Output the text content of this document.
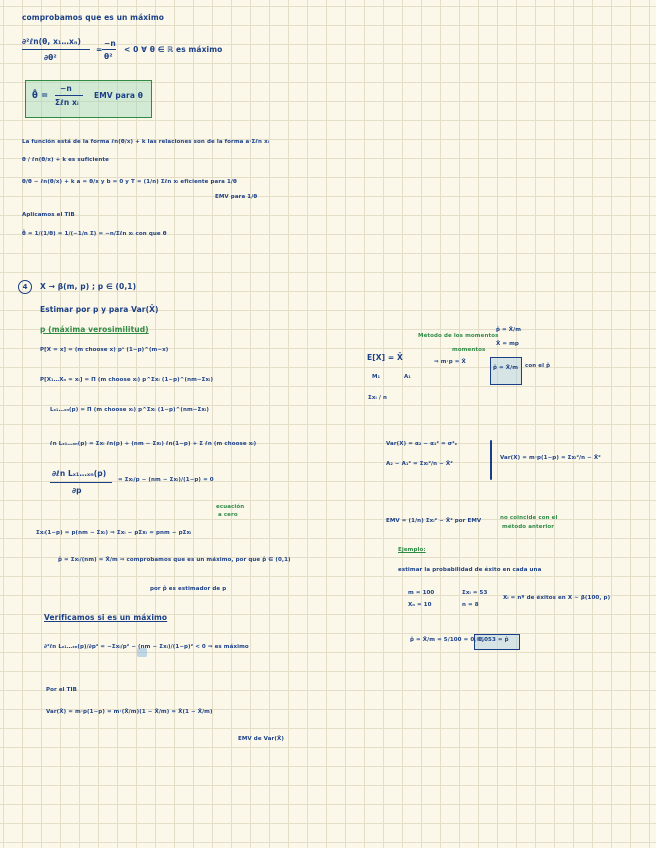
comprobamos que es un máximo
∂²ℓn(θ, x₁…xₙ)
∂θ²
=
−n
θ²
< 0 ∀ θ ∈ ℝ es máximo
θ̂ =
−n
Σℓn xᵢ
EMV para θ
La función está de la forma ℓn(θ/x) + k las relaciones son de la forma a·Σℓn xᵢ
θ / ℓn(θ/x) + k es suficiente
θ/θ − ℓn(θ/x) + k a = θ/x y b = 0 y T = (1/n) Σℓn xᵢ eficiente para 1/θ
EMV para 1/θ
Aplicamos el TIB
θ̂ = 1/(1/θ) = 1/(−1/n Σ) = −n/Σℓn xᵢ con que θ
4	X → β(m, p) ; p ∈ (0,1)
Estimar por p y para Var(X̄)
p (máxima verosimilitud)
P[X = x] = (m choose x) pˣ (1−p)^(m−x)
P[X₁…Xₙ = xᵢ] = Π (m choose xᵢ) p^Σxᵢ (1−p)^(nm−Σxᵢ)
Lₓ₁…ₓₙ(p) = Π (m choose xᵢ) p^Σxᵢ (1−p)^(nm−Σxᵢ)
ℓn Lₓ₁…ₓₙ(p) = Σxᵢ ℓn(p) + (nm − Σxᵢ) ℓn(1−p) + Σ ℓn (m choose xᵢ)
∂ℓn Lₓ₁…ₓₙ(p)
∂p
= Σxᵢ/p − (nm − Σxᵢ)/(1−p) = 0
ecuación
a cero
Σxᵢ(1−p) = p(nm − Σxᵢ) ⇒ Σxᵢ − pΣxᵢ = pnm − pΣxᵢ
p̂ = Σxᵢ/(nm) = X̄/m ⇒ comprobamos que es un máximo, por que p̂ ∈ (0,1)
por p̂ es estimador de p
Verificamos si es un máximo
∂²ℓn Lₓ₁…ₓₙ(p)/∂p² = −Σxᵢ/p² − (nm − Σxᵢ)/(1−p)² < 0 ⇒ es máximo
Por el TIB
Var(X̄) = m·p(1−p) = m·(X̄/m)(1 − X̄/m) = X̄(1 − X̄/m)
EMV de Var(X̄)
Método de los momentos
momentos
p̂ = X̄/m
X̄ = mp
E[X] = X̄
M₁	A₁
Σxᵢ / n
⇒ m·p = X̄
p̂ = X̄/m con el p̂
Var(X) = α₂ − α₁² = σ²ₓ
A₂ − A₁² = Σxᵢ²/n − X̄²
Var(X) = m·p(1−p) = Σxᵢ²/n − X̄²
EMV = (1/n) Σxᵢ² − X̄² por EMV	no coincide con el
método anterior
Ejemplo:
estimar la probabilidad de éxito en cada una
m = 100
Xₙ = 10
Σxᵢ = 53
n = 8
Xᵢ = nº de éxitos en X ∼ β(100, p)
p̂ = X̄/m = 5/100 = 0,05
0,053 = p̂
